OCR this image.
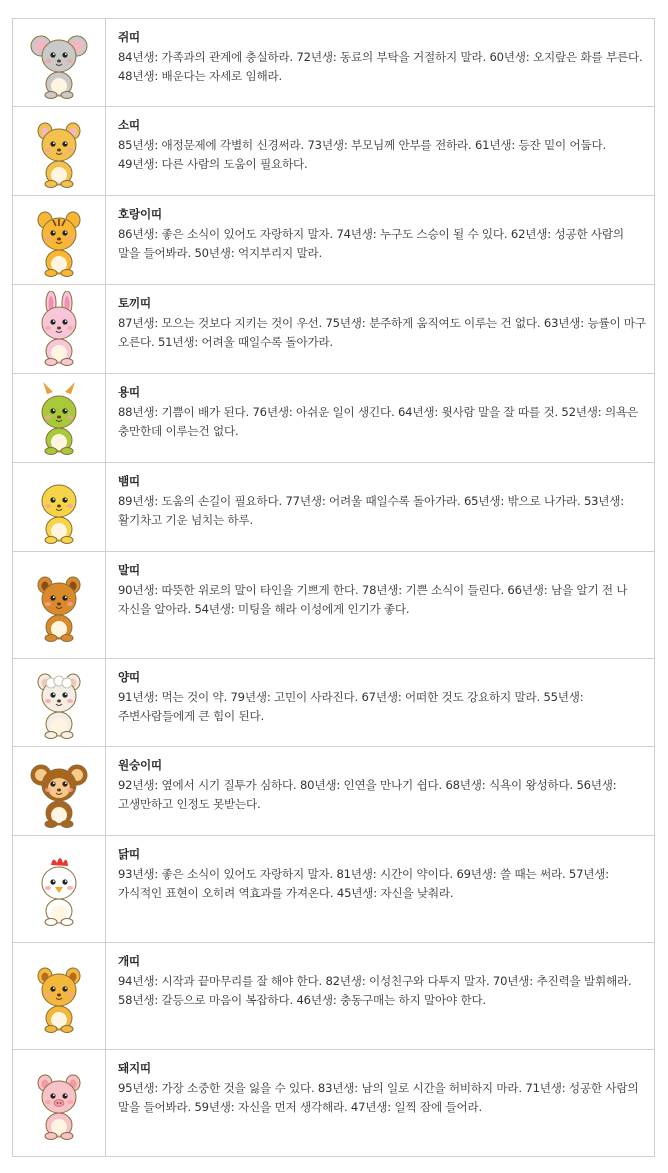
쥐띠
84년생: 가족과의 관계에 충실하라. 72년생: 동료의 부탁을 거절하지 말라. 60년생: 오지랖은 화를 부른다. 48년생: 배운다는 자세로 임해라.

소띠
85년생: 애정문제에 각별히 신경써라. 73년생: 부모님께 안부를 전하라. 61년생: 등잔 밑이 어둡다. 49년생: 다른 사람의 도움이 필요하다.

호랑이띠
86년생: 좋은 소식이 있어도 자랑하지 말자. 74년생: 누구도 스승이 될 수 있다. 62년생: 성공한 사람의 말을 들어봐라. 50년생: 억지부리지 말라.

토끼띠
87년생: 모으는 것보다 지키는 것이 우선. 75년생: 분주하게 움직여도 이루는 건 없다. 63년생: 능률이 마구 오른다. 51년생: 어려울 때일수록 돌아가라.

용띠
88년생: 기쁨이 배가 된다. 76년생: 아쉬운 일이 생긴다. 64년생: 윗사람 말을 잘 따를 것. 52년생: 의욕은 충만한데 이루는건 없다.

뱀띠
89년생: 도움의 손길이 필요하다. 77년생: 어려울 때일수록 돌아가라. 65년생: 밖으로 나가라. 53년생: 활기차고 기운 넘치는 하루.

말띠
90년생: 따뜻한 위로의 말이 타인을 기쁘게 한다. 78년생: 기쁜 소식이 들린다. 66년생: 남을 알기 전 나 자신을 알아라. 54년생: 미팅을 해라 이성에게 인기가 좋다.

양띠
91년생: 먹는 것이 약. 79년생: 고민이 사라진다. 67년생: 어떠한 것도 강요하지 말라. 55년생: 주변사람들에게 큰 힘이 된다.

원숭이띠
92년생: 옆에서 시기 질투가 심하다. 80년생: 인연을 만나기 쉽다. 68년생: 식욕이 왕성하다. 56년생: 고생만하고 인정도 못받는다.

닭띠
93년생: 좋은 소식이 있어도 자랑하지 말자. 81년생: 시간이 약이다. 69년생: 쓸 때는 써라. 57년생: 가식적인 표현이 오히려 역효과를 가져온다. 45년생: 자신을 낮춰라.

개띠
94년생: 시작과 끝마무리를 잘 해야 한다. 82년생: 이성친구와 다투지 말자. 70년생: 추진력을 발휘해라. 58년생: 갈등으로 마음이 복잡하다. 46년생: 충동구매는 하지 말아야 한다.

돼지띠
95년생: 가장 소중한 것을 잃을 수 있다. 83년생: 남의 일로 시간을 허비하지 마라. 71년생: 성공한 사람의 말을 들어봐라. 59년생: 자신을 먼저 생각해라. 47년생: 일찍 잠에 들어라.
